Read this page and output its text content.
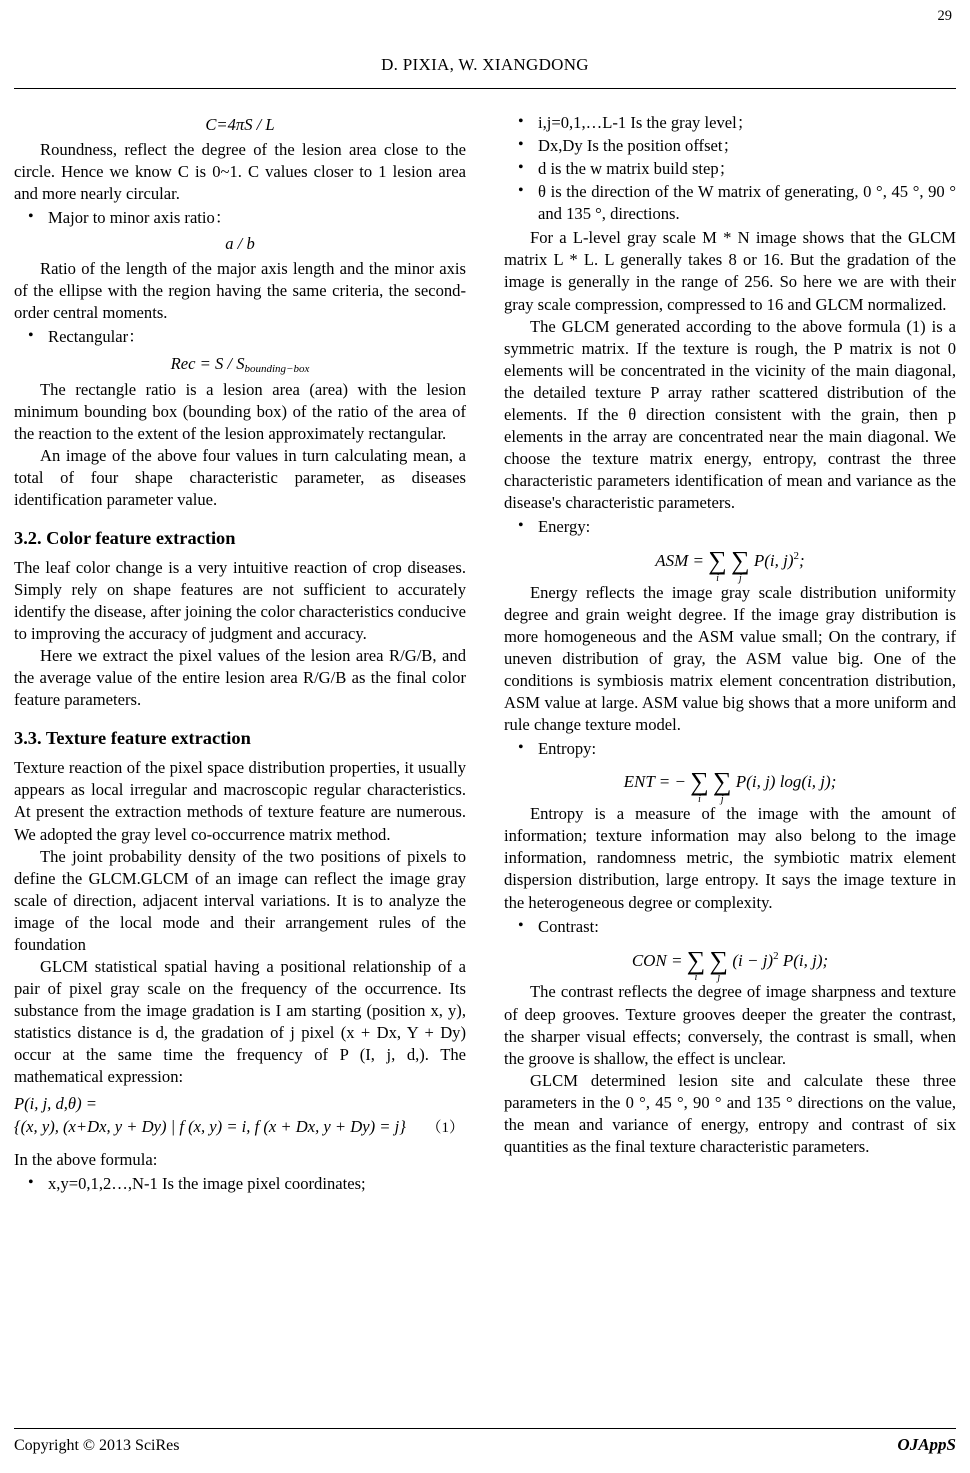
29
D. PIXIA, W. XIANGDONG
C=4πS / L

Roundness, reflect the degree of the lesion area close to the circle. Hence we know C is 0~1. C values closer to 1 lesion area and more nearly circular.

• Major to minor axis ratio：
a / b

Ratio of the length of the major axis length and the minor axis of the ellipse with the region having the same criteria, the second-order central moments.

• Rectangular：
Rec = S / $S_{bounding-box}$

The rectangle ratio is a lesion area (area) with the lesion minimum bounding box (bounding box) of the ratio of the area of the reaction to the extent of the lesion approximately rectangular.

An image of the above four values in turn calculating mean, a total of four shape characteristic parameter, as diseases identification parameter value.

3.2. Color feature extraction

The leaf color change is a very intuitive reaction of crop diseases. Simply rely on shape features are not sufficient to accurately identify the disease, after joining the color characteristics conducive to improving the accuracy of judgment and accuracy.

Here we extract the pixel values of the lesion area R/G/B, and the average value of the entire lesion area R/G/B as the final color feature parameters.

3.3. Texture feature extraction

Texture reaction of the pixel space distribution properties, it usually appears as local irregular and macroscopic regular characteristics. At present the extraction methods of texture feature are numerous. We adopted the gray level co-occurrence matrix method.

The joint probability density of the two positions of pixels to define the GLCM.GLCM of an image can reflect the image gray scale of direction, adjacent interval variations. It is to analyze the image of the local mode and their arrangement rules of the foundation

GLCM statistical spatial having a positional relationship of a pair of pixel gray scale on the frequency of the occurrence. Its substance from the image gradation is I am starting (position x, y), statistics distance is d, the gradation of j pixel (x + Dx, Y + Dy) occur at the same time the frequency of P (I, j, d,). The mathematical expression:

P(i, j, d,θ) =
{(x, y), (x+Dx, y + Dy) | f (x, y) = i, f (x + Dx, y + Dy) = j}	（1）

In the above formula:

• x,y=0,1,2…,N-1 Is the image pixel coordinates;
• i,j=0,1,…L-1 Is the gray level；
• Dx,Dy Is the position offset；
• d is the w matrix build step；
• θ is the direction of the W matrix of generating, 0 °, 45 °, 90 ° and 135 °, directions.

For a L-level gray scale M * N image shows that the GLCM matrix L * L. L generally takes 8 or 16. But the gradation of the image is generally in the range of 256. So here we are with their gray scale compression, compressed to 16 and GLCM normalized.

The GLCM generated according to the above formula (1) is a symmetric matrix. If the texture is rough, the P matrix is not 0 elements will be concentrated in the vicinity of the main diagonal, the detailed texture P array rather scattered distribution of the elements. If the θ direction consistent with the grain, then p elements in the array are concentrated near the main diagonal. We choose the texture matrix energy, entropy, contrast the three characteristic parameters identification of mean and variance as the disease's characteristic parameters.

• Energy:
ASM = ∑
i
∑
j
P(i, j)$^2$;

Energy reflects the image gray scale distribution uniformity degree and grain weight degree. If the image gray distribution is more homogeneous and the ASM value small; On the contrary, if uneven distribution of gray, the ASM value big. One of the conditions is symbiosis matrix element concentration distribution, ASM value at large. ASM value big shows that a more uniform and rule change texture model.

• Entropy:
ENT = − ∑
i
∑
j
P(i, j) log(i, j);

Entropy is a measure of the image with the amount of information; texture information may also belong to the image information, randomness metric, the symbiotic matrix element dispersion distribution, large entropy. It says the image texture in the heterogeneous degree or complexity.

• Contrast:
CON = ∑
i
∑
j
$(i - j)^2$ P(i, j);

The contrast reflects the degree of image sharpness and texture of deep grooves. Texture grooves deeper the greater the contrast, the sharper visual effects; conversely, the contrast is small, when the groove is shallow, the effect is unclear.

GLCM determined lesion site and calculate these three parameters in the 0 °, 45 °, 90 ° and 135 ° directions on the value, the mean and variance of energy, entropy and contrast of six quantities as the final texture characteristic parameters.

Copyright © 2013 SciRes	OJAppS
